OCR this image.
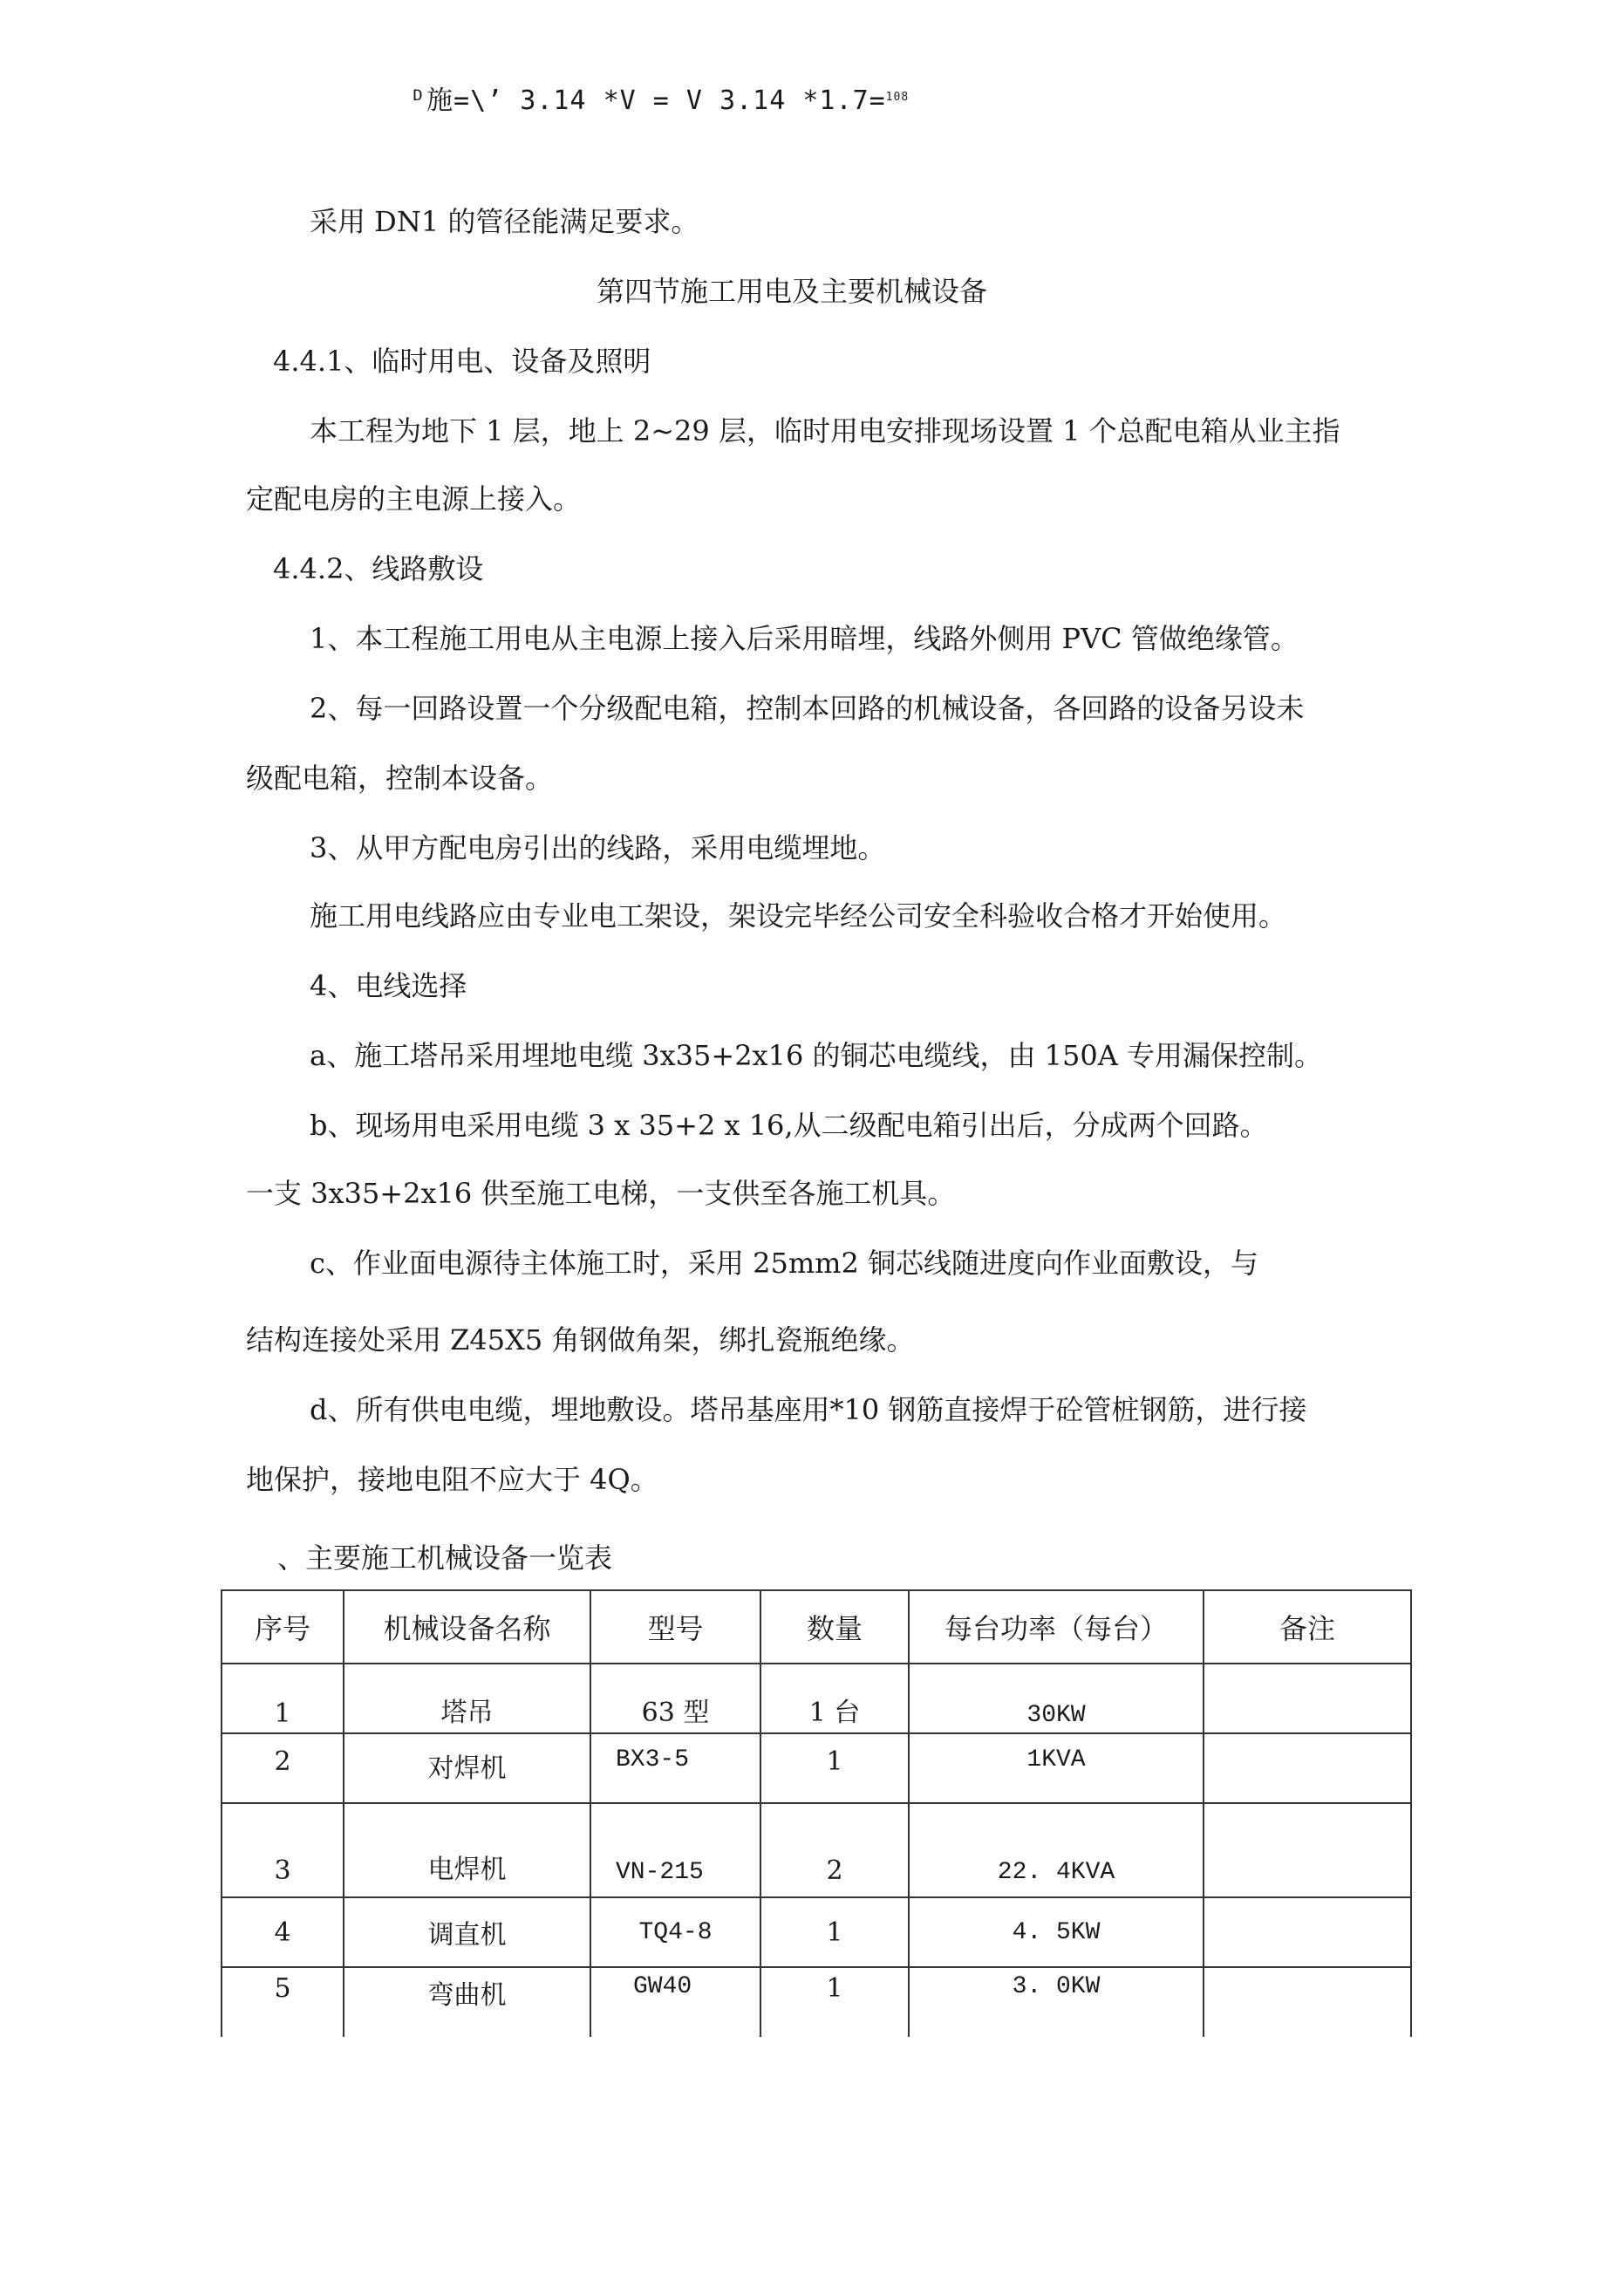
ᴰ施=\’ 3.14 *V = V 3.14 *1.7=$^{108}$
采用 DN1 的管径能满足要求。
第四节施工用电及主要机械设备
4.4.1、临时用电、设备及照明
本工程为地下 1 层，地上 2~29 层，临时用电安排现场设置 1 个总配电箱从业主指
定配电房的主电源上接入。
4.4.2、线路敷设
1、本工程施工用电从主电源上接入后采用暗埋，线路外侧用 PVC 管做绝缘管。
2、每一回路设置一个分级配电箱，控制本回路的机械设备，各回路的设备另设未
级配电箱，控制本设备。
3、从甲方配电房引出的线路，采用电缆埋地。
施工用电线路应由专业电工架设，架设完毕经公司安全科验收合格才开始使用。
4、电线选择
a、施工塔吊采用埋地电缆 3x35+2x16 的铜芯电缆线，由 150A 专用漏保控制。
b、现场用电采用电缆 3 x 35+2 x 16,从二级配电箱引出后，分成两个回路。
一支 3x35+2x16 供至施工电梯，一支供至各施工机具。
c、作业面电源待主体施工时，采用 25mm2 铜芯线随进度向作业面敷设，与
结构连接处采用 Z45X5 角钢做角架，绑扎瓷瓶绝缘。
d、所有供电电缆，埋地敷设。塔吊基座用*10 钢筋直接焊于砼管桩钢筋，进行接
地保护，接地电阻不应大于 4Q。
、主要施工机械设备一览表
序号	机械设备名称	型号	数量	每台功率（每台）	备注
1	塔吊	63 型	1 台	30KW	
2	对焊机	BX3-5	1	1KVA	
3	电焊机	VN-215	2	22. 4KVA	
4	调直机	TQ4-8	1	4. 5KW	
5	弯曲机	GW40	1	3. 0KW	
